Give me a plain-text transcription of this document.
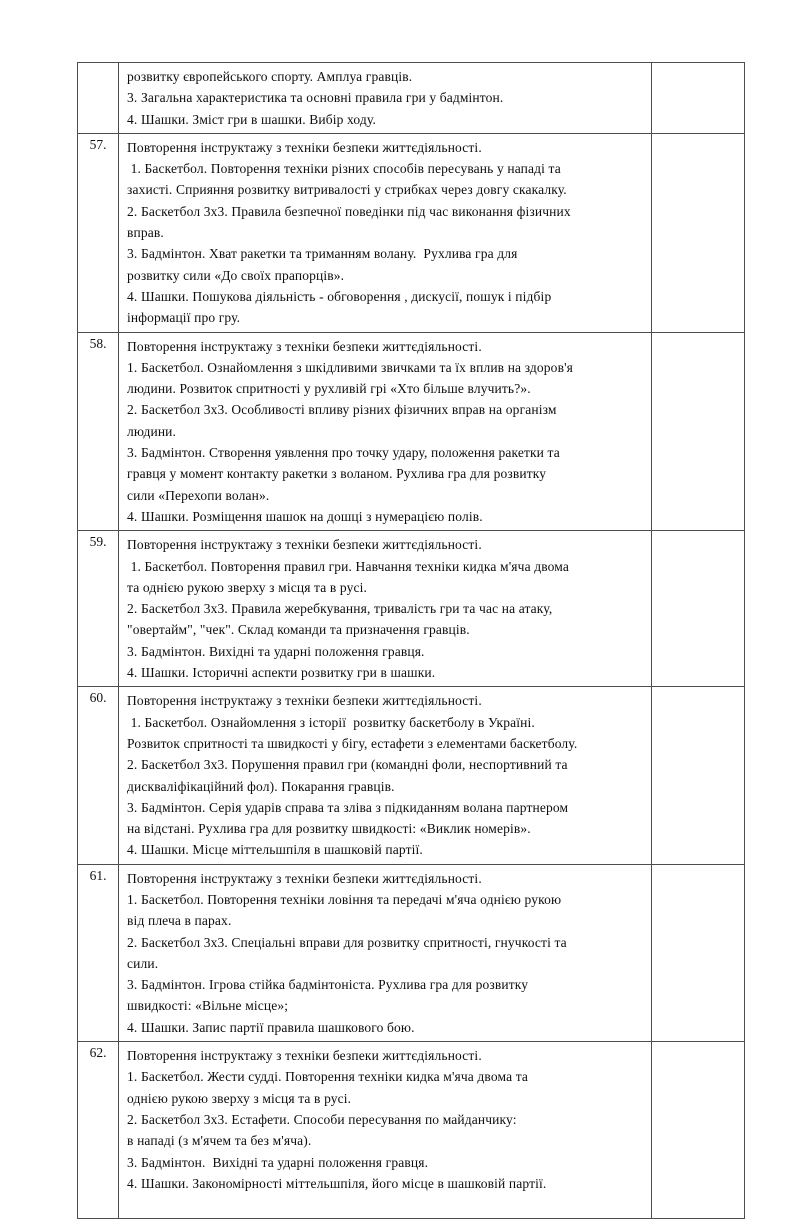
	розвитку європейського спорту. Амплуа гравців.

3. Загальна характеристика та основні правила гри у бадмінтон.

4. Шашки. Зміст гри в шашки. Вибір ходу.	

57.	Повторення інструктажу з техніки безпеки життєдіяльності.

1. Баскетбол. Повторення техніки різних способів пересувань у нападі та

захисті. Сприяння розвитку витривалості у стрибках через довгу скакалку.

2. Баскетбол 3х3. Правила безпечної поведінки під час виконання фізичних

вправ.

3. Бадмінтон. Хват ракетки та триманням волану.  Рухлива гра для

розвитку сили «До своїх прапорців».

4. Шашки. Пошукова діяльність - обговорення , дискусії, пошук і підбір

інформації про гру.

58.	Повторення інструктажу з техніки безпеки життєдіяльності.

1. Баскетбол. Ознайомлення з шкідливими звичками та їх вплив на здоров'я

людини. Розвиток спритності у рухливій грі «Хто більше влучить?».

2. Баскетбол 3х3. Особливості впливу різних фізичних вправ на організм

людини.

3. Бадмінтон. Створення уявлення про точку удару, положення ракетки та

гравця у момент контакту ракетки з воланом. Рухлива гра для розвитку

сили «Перехопи волан».

4. Шашки. Розміщення шашок на дошці з нумерацією полів.

59.	Повторення інструктажу з техніки безпеки життєдіяльності.

1. Баскетбол. Повторення правил гри. Навчання техніки кидка м'яча двома

та однією рукою зверху з місця та в русі.

2. Баскетбол 3х3. Правила жеребкування, тривалість гри та час на атаку,

"овертайм", "чек". Склад команди та призначення гравців.

3. Бадмінтон. Вихідні та ударні положення гравця.

4. Шашки. Історичні аспекти розвитку гри в шашки.

60.	Повторення інструктажу з техніки безпеки життєдіяльності.

1. Баскетбол. Ознайомлення з історії  розвитку баскетболу в Україні.

Розвиток спритності та швидкості у бігу, естафети з елементами баскетболу.

2. Баскетбол 3х3. Порушення правил гри (командні фоли, неспортивний та

дискваліфікаційний фол). Покарання гравців.

3. Бадмінтон. Серія ударів справа та зліва з підкиданням волана партнером

на відстані. Рухлива гра для розвитку швидкості: «Виклик номерів».

4. Шашки. Місце міттельшпіля в шашковій партії.

61.	Повторення інструктажу з техніки безпеки життєдіяльності.

1. Баскетбол. Повторення техніки ловіння та передачі м'яча однією рукою

від плеча в парах.

2. Баскетбол 3х3. Спеціальні вправи для розвитку спритності, гнучкості та

сили.

3. Бадмінтон. Ігрова стійка бадмінтоніста. Рухлива гра для розвитку

швидкості: «Вільне місце»;

4. Шашки. Запис партії правила шашкового бою.

62.	Повторення інструктажу з техніки безпеки життєдіяльності.

1. Баскетбол. Жести судді. Повторення техніки кидка м'яча двома та

однією рукою зверху з місця та в русі.

2. Баскетбол 3х3. Естафети. Способи пересування по майданчику:

в нападі (з м'ячем та без м'яча).

3. Бадмінтон.  Вихідні та ударні положення гравця.

4. Шашки. Закономірності міттельшпіля, його місце в шашковій партії.
